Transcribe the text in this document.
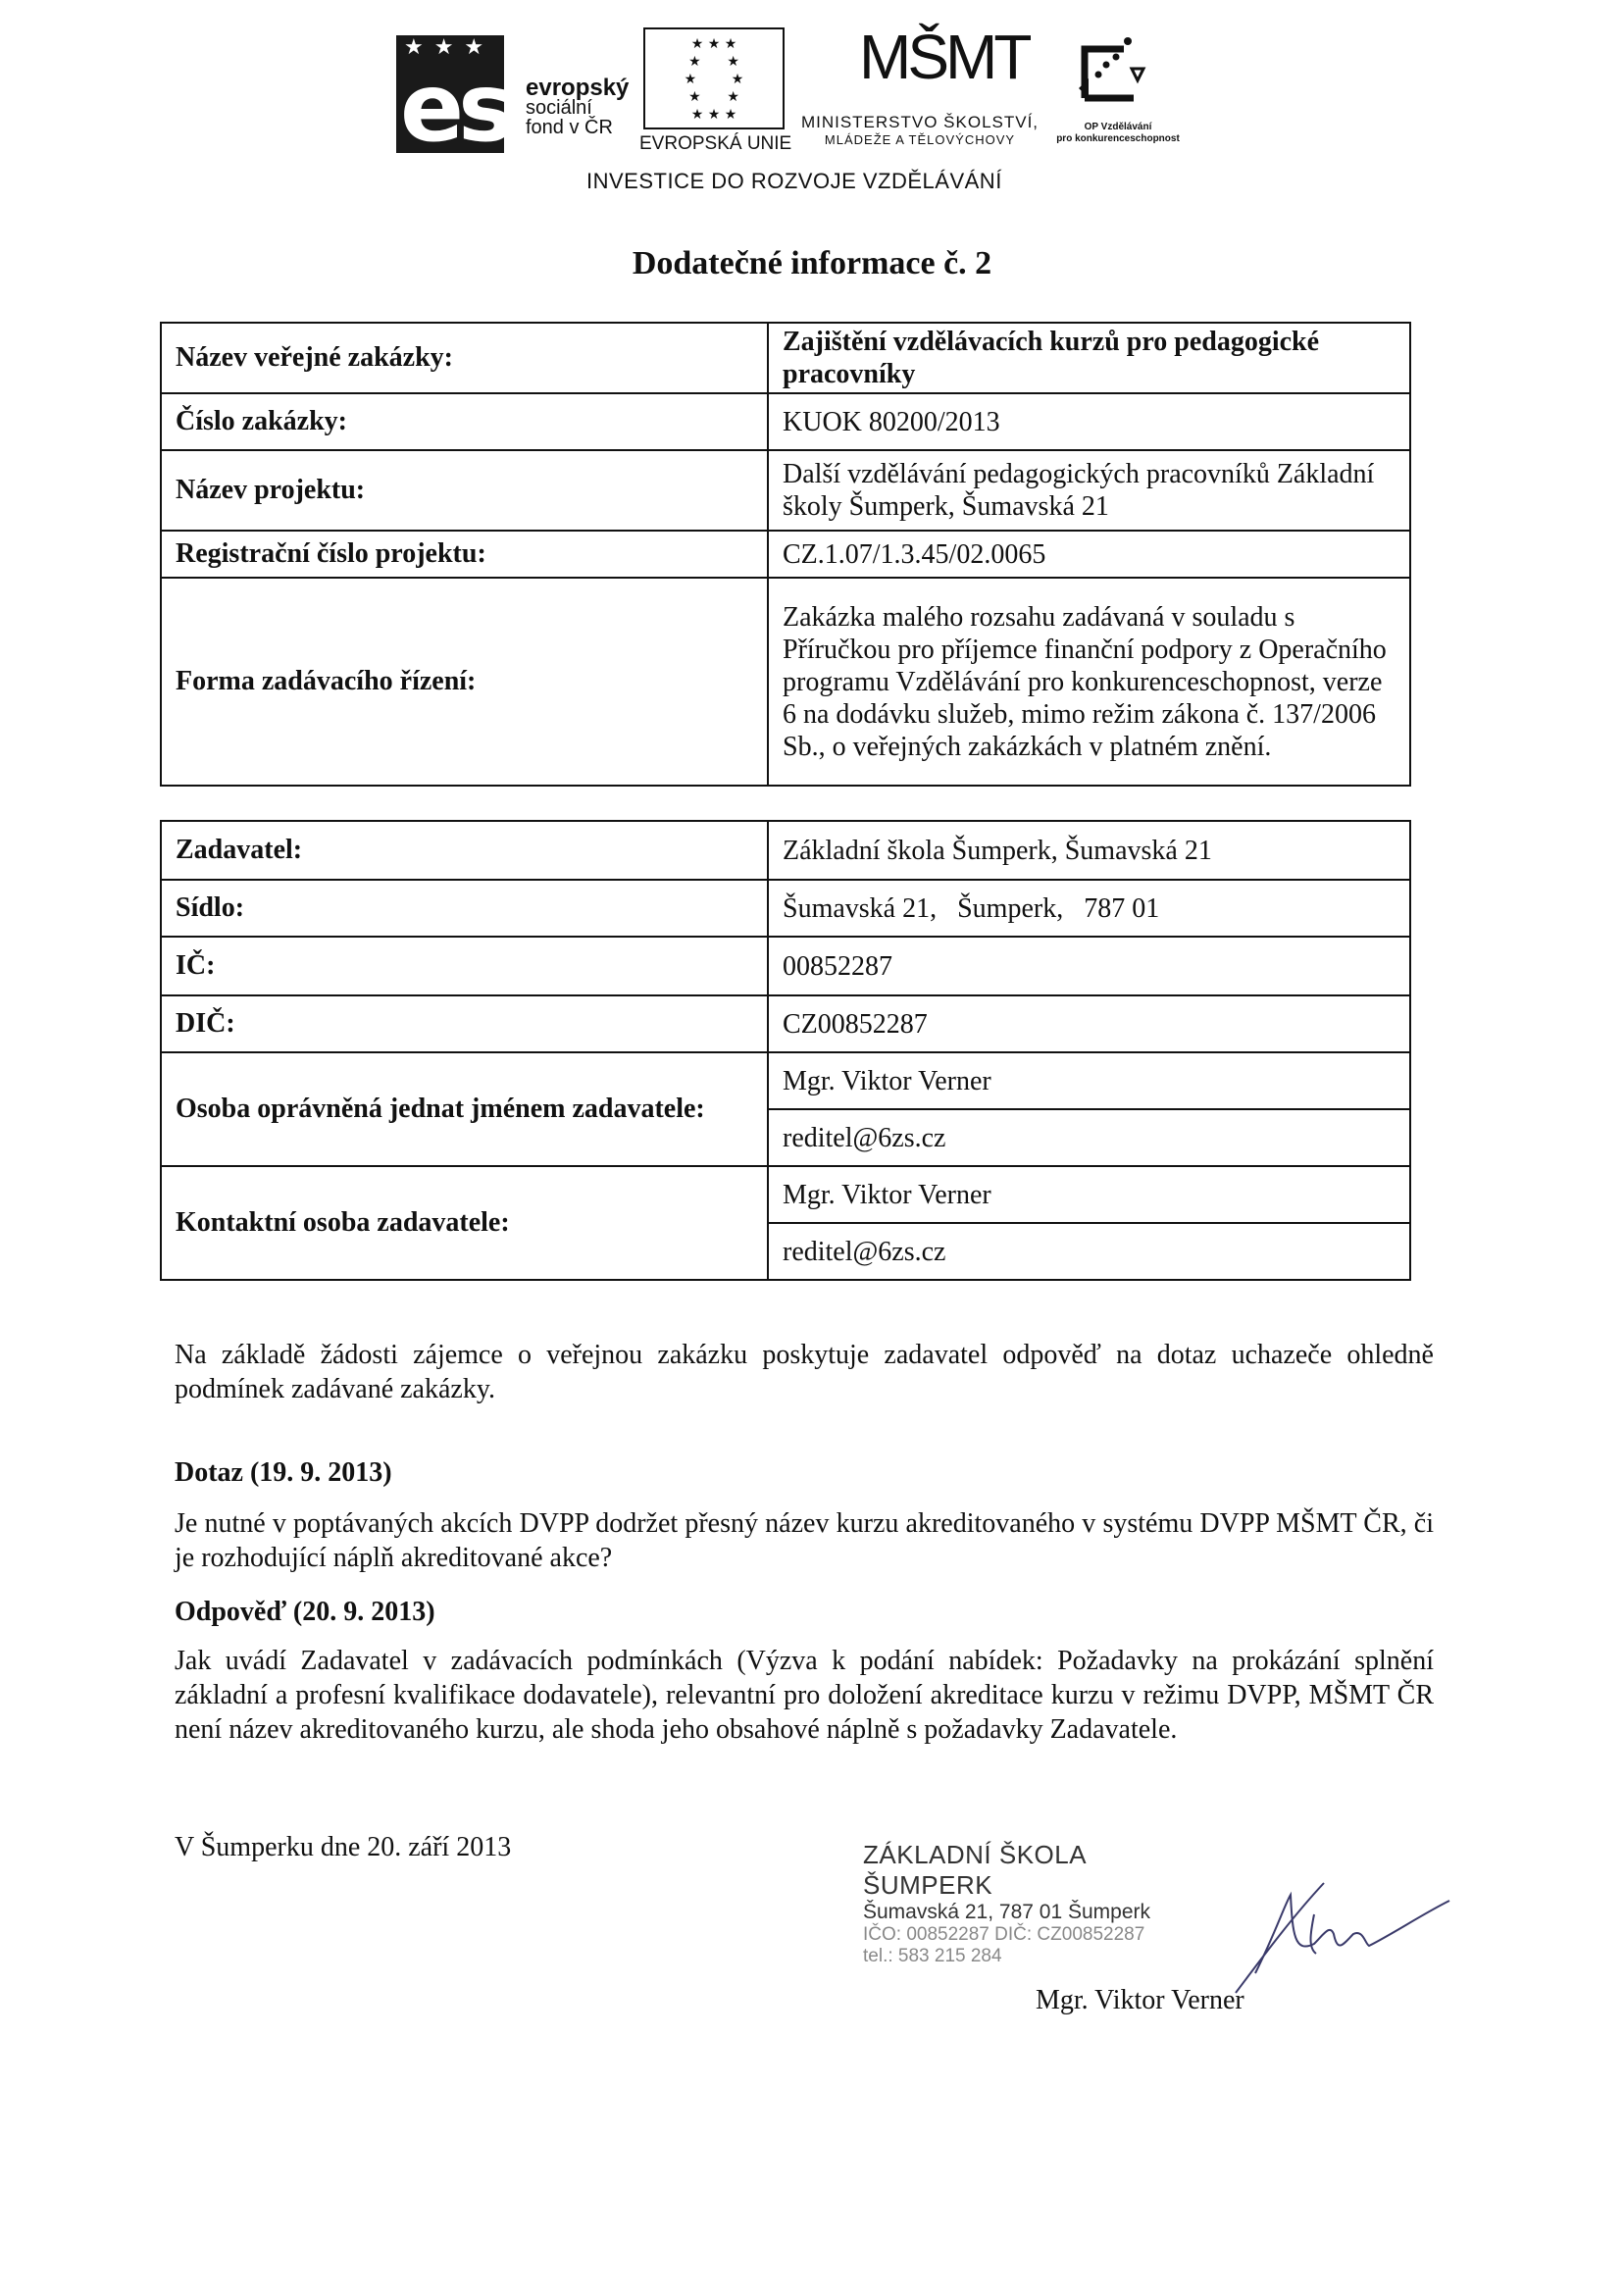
★ ★ ★
esf
evropský
sociální
fond v ČR
★ ★ ★
★      ★
★        ★
★      ★
★ ★ ★
EVROPSKÁ UNIE
MŠMT
MINISTERSTVO ŠKOLSTVÍ,
MLÁDEŽE A TĚLOVÝCHOVY
OP Vzdělávání
pro konkurenceschopnost
INVESTICE DO ROZVOJE VZDĚLÁVÁNÍ
Dodatečné informace č. 2
Název veřejné zakázky:	Zajištění vzdělávacích kurzů pro pedagogické pracovníky
Číslo zakázky:	KUOK 80200/2013
Název projektu:	Další vzdělávání pedagogických pracovníků Základní školy Šumperk, Šumavská 21
Registrační číslo projektu:	CZ.1.07/1.3.45/02.0065
Forma zadávacího řízení:	Zakázka malého rozsahu zadávaná v souladu s Příručkou pro příjemce finanční podpory z Operačního programu Vzdělávání pro konkurenceschopnost, verze 6 na dodávku služeb, mimo režim zákona č. 137/2006 Sb., o veřejných zakázkách v platném znění.
Zadavatel:	Základní škola Šumperk, Šumavská 21
Sídlo:	Šumavská 21,   Šumperk,   787 01
IČ:	00852287
DIČ:	CZ00852287
Osoba oprávněná jednat jménem zadavatele:	Mgr. Viktor Verner
	reditel@6zs.cz
Kontaktní osoba zadavatele:	Mgr. Viktor Verner
	reditel@6zs.cz
Na základě žádosti zájemce o veřejnou zakázku poskytuje zadavatel odpověď na dotaz uchazeče ohledně podmínek zadávané zakázky.
Dotaz (19. 9. 2013)
Je nutné v poptávaných akcích DVPP dodržet přesný název kurzu akreditovaného v systému DVPP MŠMT ČR, či je rozhodující náplň akreditované akce?
Odpověď (20. 9. 2013)
Jak uvádí Zadavatel v zadávacích podmínkách (Výzva k podání nabídek: Požadavky na prokázání splnění základní a profesní kvalifikace dodavatele), relevantní pro doložení akreditace kurzu v režimu DVPP, MŠMT ČR není název akreditovaného kurzu, ale shoda jeho obsahové náplně s požadavky Zadavatele.
V Šumperku dne 20. září 2013	ZÁKLADNÍ ŠKOLA ŠUMPERK
Šumavská 21, 787 01 Šumperk
IČO: 00852287 DIČ: CZ00852287
tel.: 583 215 284
Mgr. Viktor Verner
